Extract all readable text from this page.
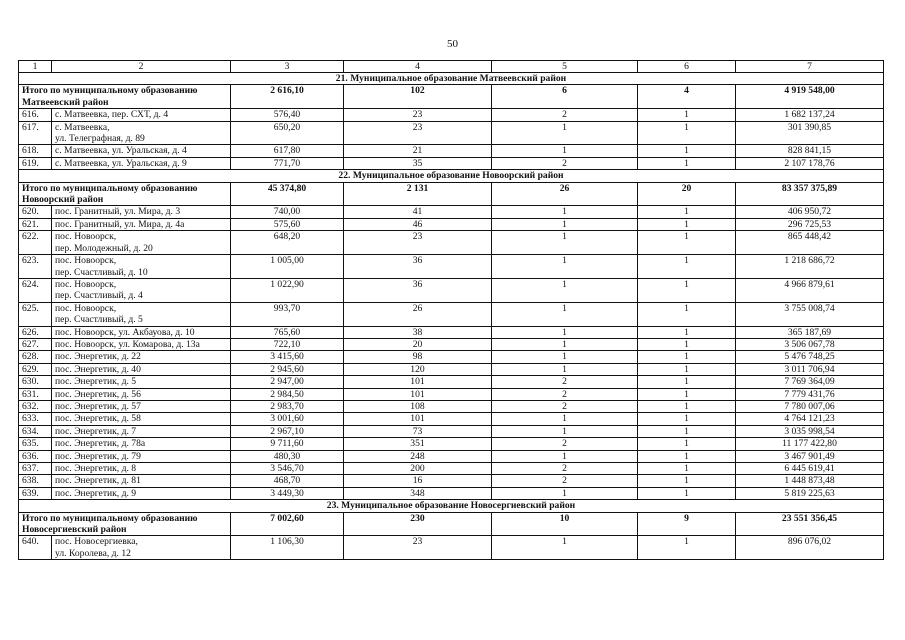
50
1	2	3	4	5	6	7
21. Муниципальное образование Матвеевский район						
Итого по муниципальному образованию Матвеевский район		2 616,10	102	6	4	4 919 548,00
616.	с. Матвеевка, пер. СХТ, д. 4	576,40	23	2	1	1 682 137,24
617.	с. Матвеевка,
ул. Телеграфная, д. 89	650,20	23	1	1	301 390,85
618.	с. Матвеевка, ул. Уральская, д. 4	617,80	21	1	1	828 841,15
619.	с. Матвеевка, ул. Уральская, д. 9	771,70	35	2	1	2 107 178,76
22. Муниципальное образование Новоорский район						
Итого по муниципальному образованию Новоорский район		45 374,80	2 131	26	20	83 357 375,89
620.	пос. Гранитный, ул. Мира, д. 3	740,00	41	1	1	406 950,72
621.	пос. Гранитный, ул. Мира, д. 4а	575,60	46	1	1	296 725,53
622.	пос. Новоорск,
пер. Молодежный, д. 20	648,20	23	1	1	865 448,42
623.	пос. Новоорск,
пер. Счастливый, д. 10	1 005,00	36	1	1	1 218 686,72
624.	пос. Новоорск,
пер. Счастливый, д. 4	1 022,90	36	1	1	4 966 879,61
625.	пос. Новоорск,
пер. Счастливый, д. 5	993,70	26	1	1	3 755 008,74
626.	пос. Новоорск, ул. Акбауова, д. 10	765,60	38	1	1	365 187,69
627.	пос. Новоорск, ул. Комарова, д. 13а	722,10	20	1	1	3 506 067,78
628.	пос. Энергетик, д. 22	3 415,60	98	1	1	5 476 748,25
629.	пос. Энергетик, д. 40	2 945,60	120	1	1	3 011 706,94
630.	пос. Энергетик, д. 5	2 947,00	101	2	1	7 769 364,09
631.	пос. Энергетик, д. 56	2 984,50	101	2	1	7 779 431,76
632.	пос. Энергетик, д. 57	2 983,70	108	2	1	7 780 007,06
633.	пос. Энергетик, д. 58	3 001,60	101	1	1	4 764 121,23
634.	пос. Энергетик, д. 7	2 967,10	73	1	1	3 035 998,54
635.	пос. Энергетик, д. 78а	9 711,60	351	2	1	11 177 422,80
636.	пос. Энергетик, д. 79	480,30	248	1	1	3 467 901,49
637.	пос. Энергетик, д. 8	3 546,70	200	2	1	6 445 619,41
638.	пос. Энергетик, д. 81	468,70	16	2	1	1 448 873,48
639.	пос. Энергетик, д. 9	3 449,30	348	1	1	5 819 225,63
23. Муниципальное образование Новосергиевский район						
Итого по муниципальному образованию Новосергиевский район		7 002,60	230	10	9	23 551 356,45
640.	пос. Новосергиевка,
ул. Королева, д. 12	1 106,30	23	1	1	896 076,02
